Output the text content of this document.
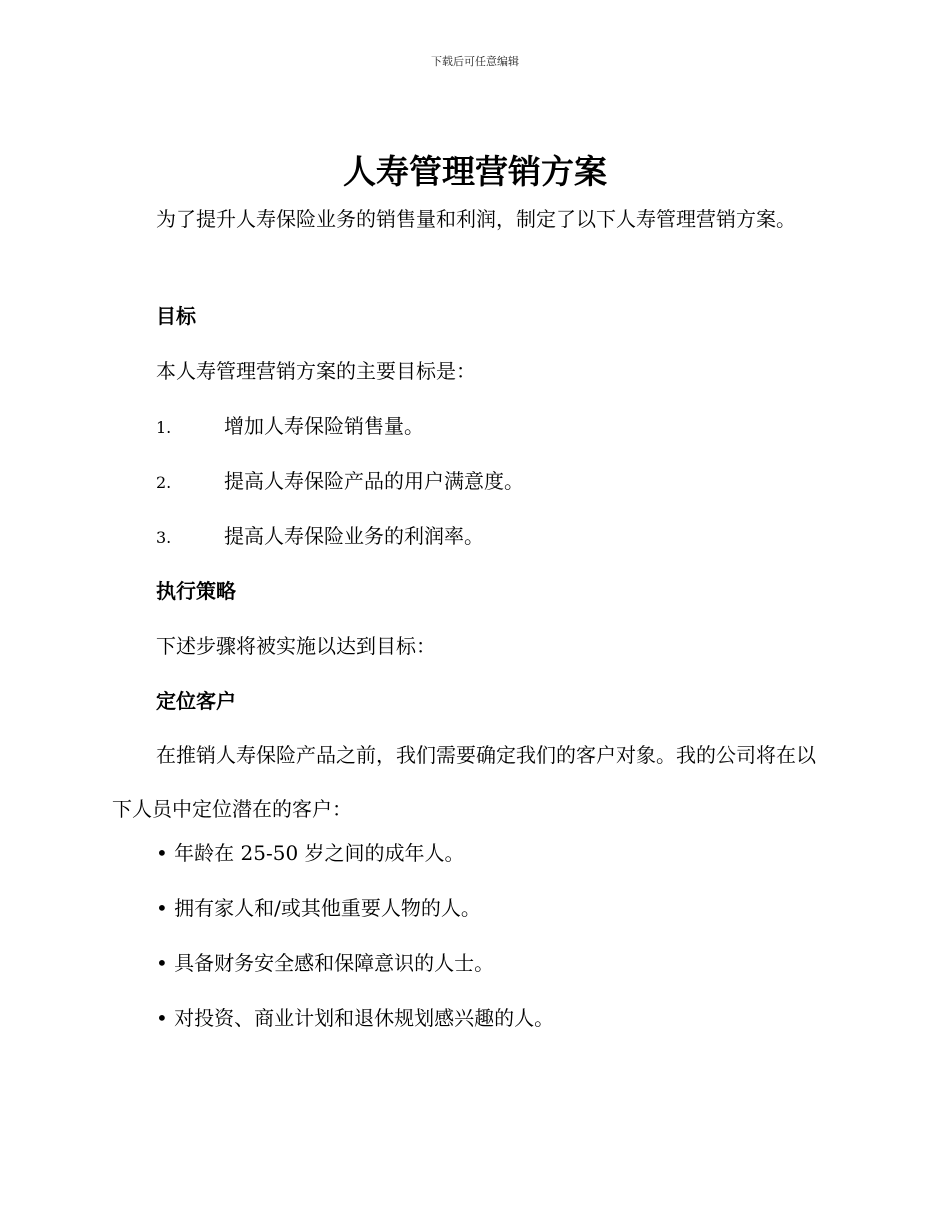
下载后可任意编辑
人寿管理营销方案

为了提升人寿保险业务的销售量和利润，制定了以下人寿管理营销方案。

目标

本人寿管理营销方案的主要目标是：

1.	增加人寿保险销售量。

2.	提高人寿保险产品的用户满意度。

3.	提高人寿保险业务的利润率。

执行策略

下述步骤将被实施以达到目标：

定位客户

在推销人寿保险产品之前，我们需要确定我们的客户对象。我的公司将在以下人员中定位潜在的客户：

• 年龄在 25-50 岁之间的成年人。

• 拥有家人和/或其他重要人物的人。

• 具备财务安全感和保障意识的人士。

• 对投资、商业计划和退休规划感兴趣的人。
